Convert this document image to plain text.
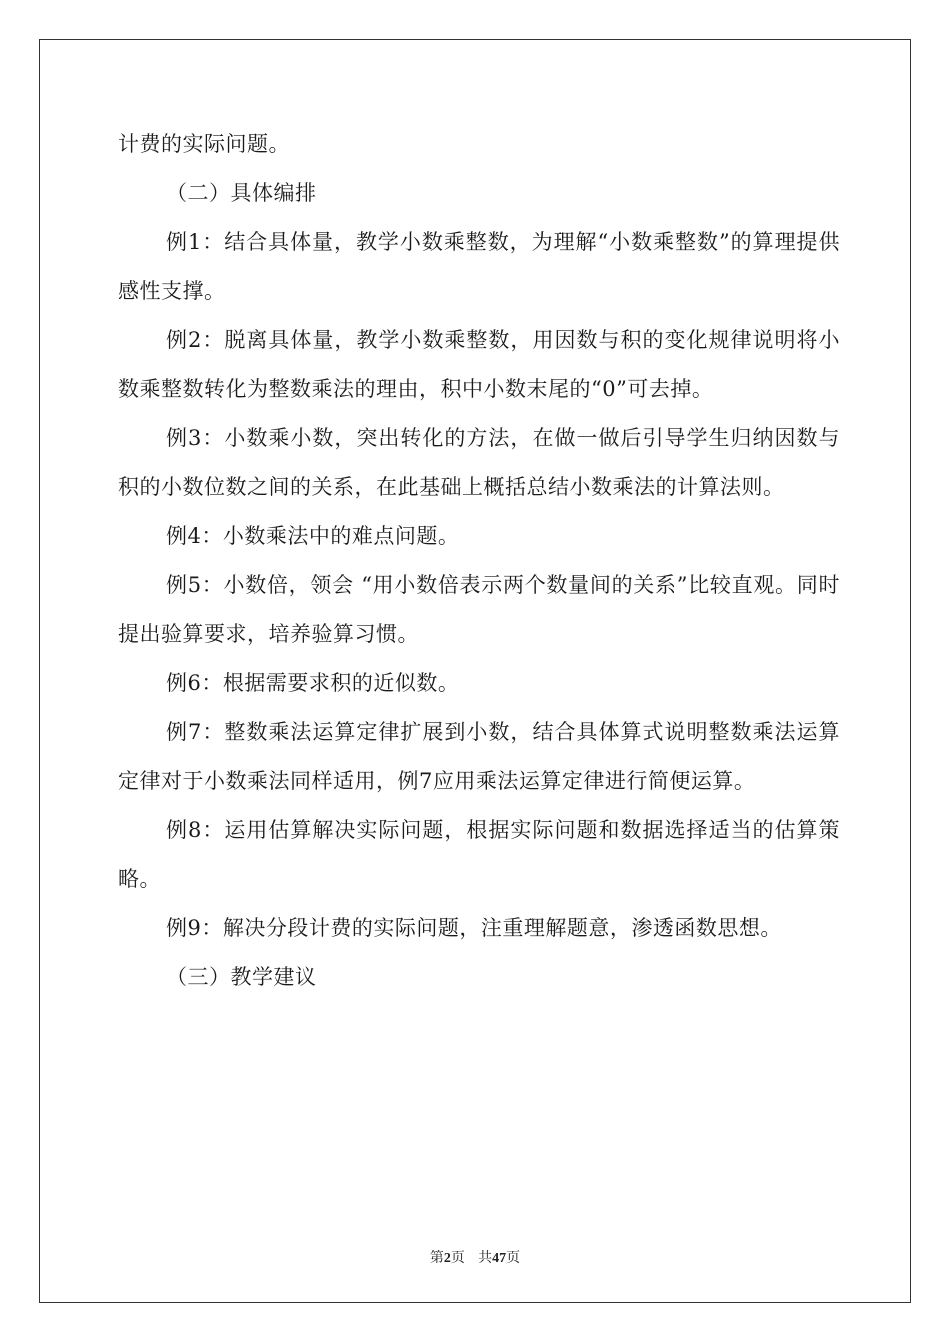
计费的实际问题。

（二）具体编排

例1：结合具体量，教学小数乘整数，为理解“小数乘整数”的算理提供感性支撑。

例2：脱离具体量，教学小数乘整数，用因数与积的变化规律说明将小数乘整数转化为整数乘法的理由，积中小数末尾的“0”可去掉。

例3：小数乘小数，突出转化的方法，在做一做后引导学生归纳因数与积的小数位数之间的关系，在此基础上概括总结小数乘法的计算法则。

例4：小数乘法中的难点问题。

例5：小数倍，领会 “用小数倍表示两个数量间的关系”比较直观。同时提出验算要求，培养验算习惯。

例6：根据需要求积的近似数。

例7：整数乘法运算定律扩展到小数，结合具体算式说明整数乘法运算定律对于小数乘法同样适用，例7应用乘法运算定律进行简便运算。

例8：运用估算解决实际问题，根据实际问题和数据选择适当的估算策略。

例9：解决分段计费的实际问题，注重理解题意，渗透函数思想。

（三）教学建议

第2页 共47页
